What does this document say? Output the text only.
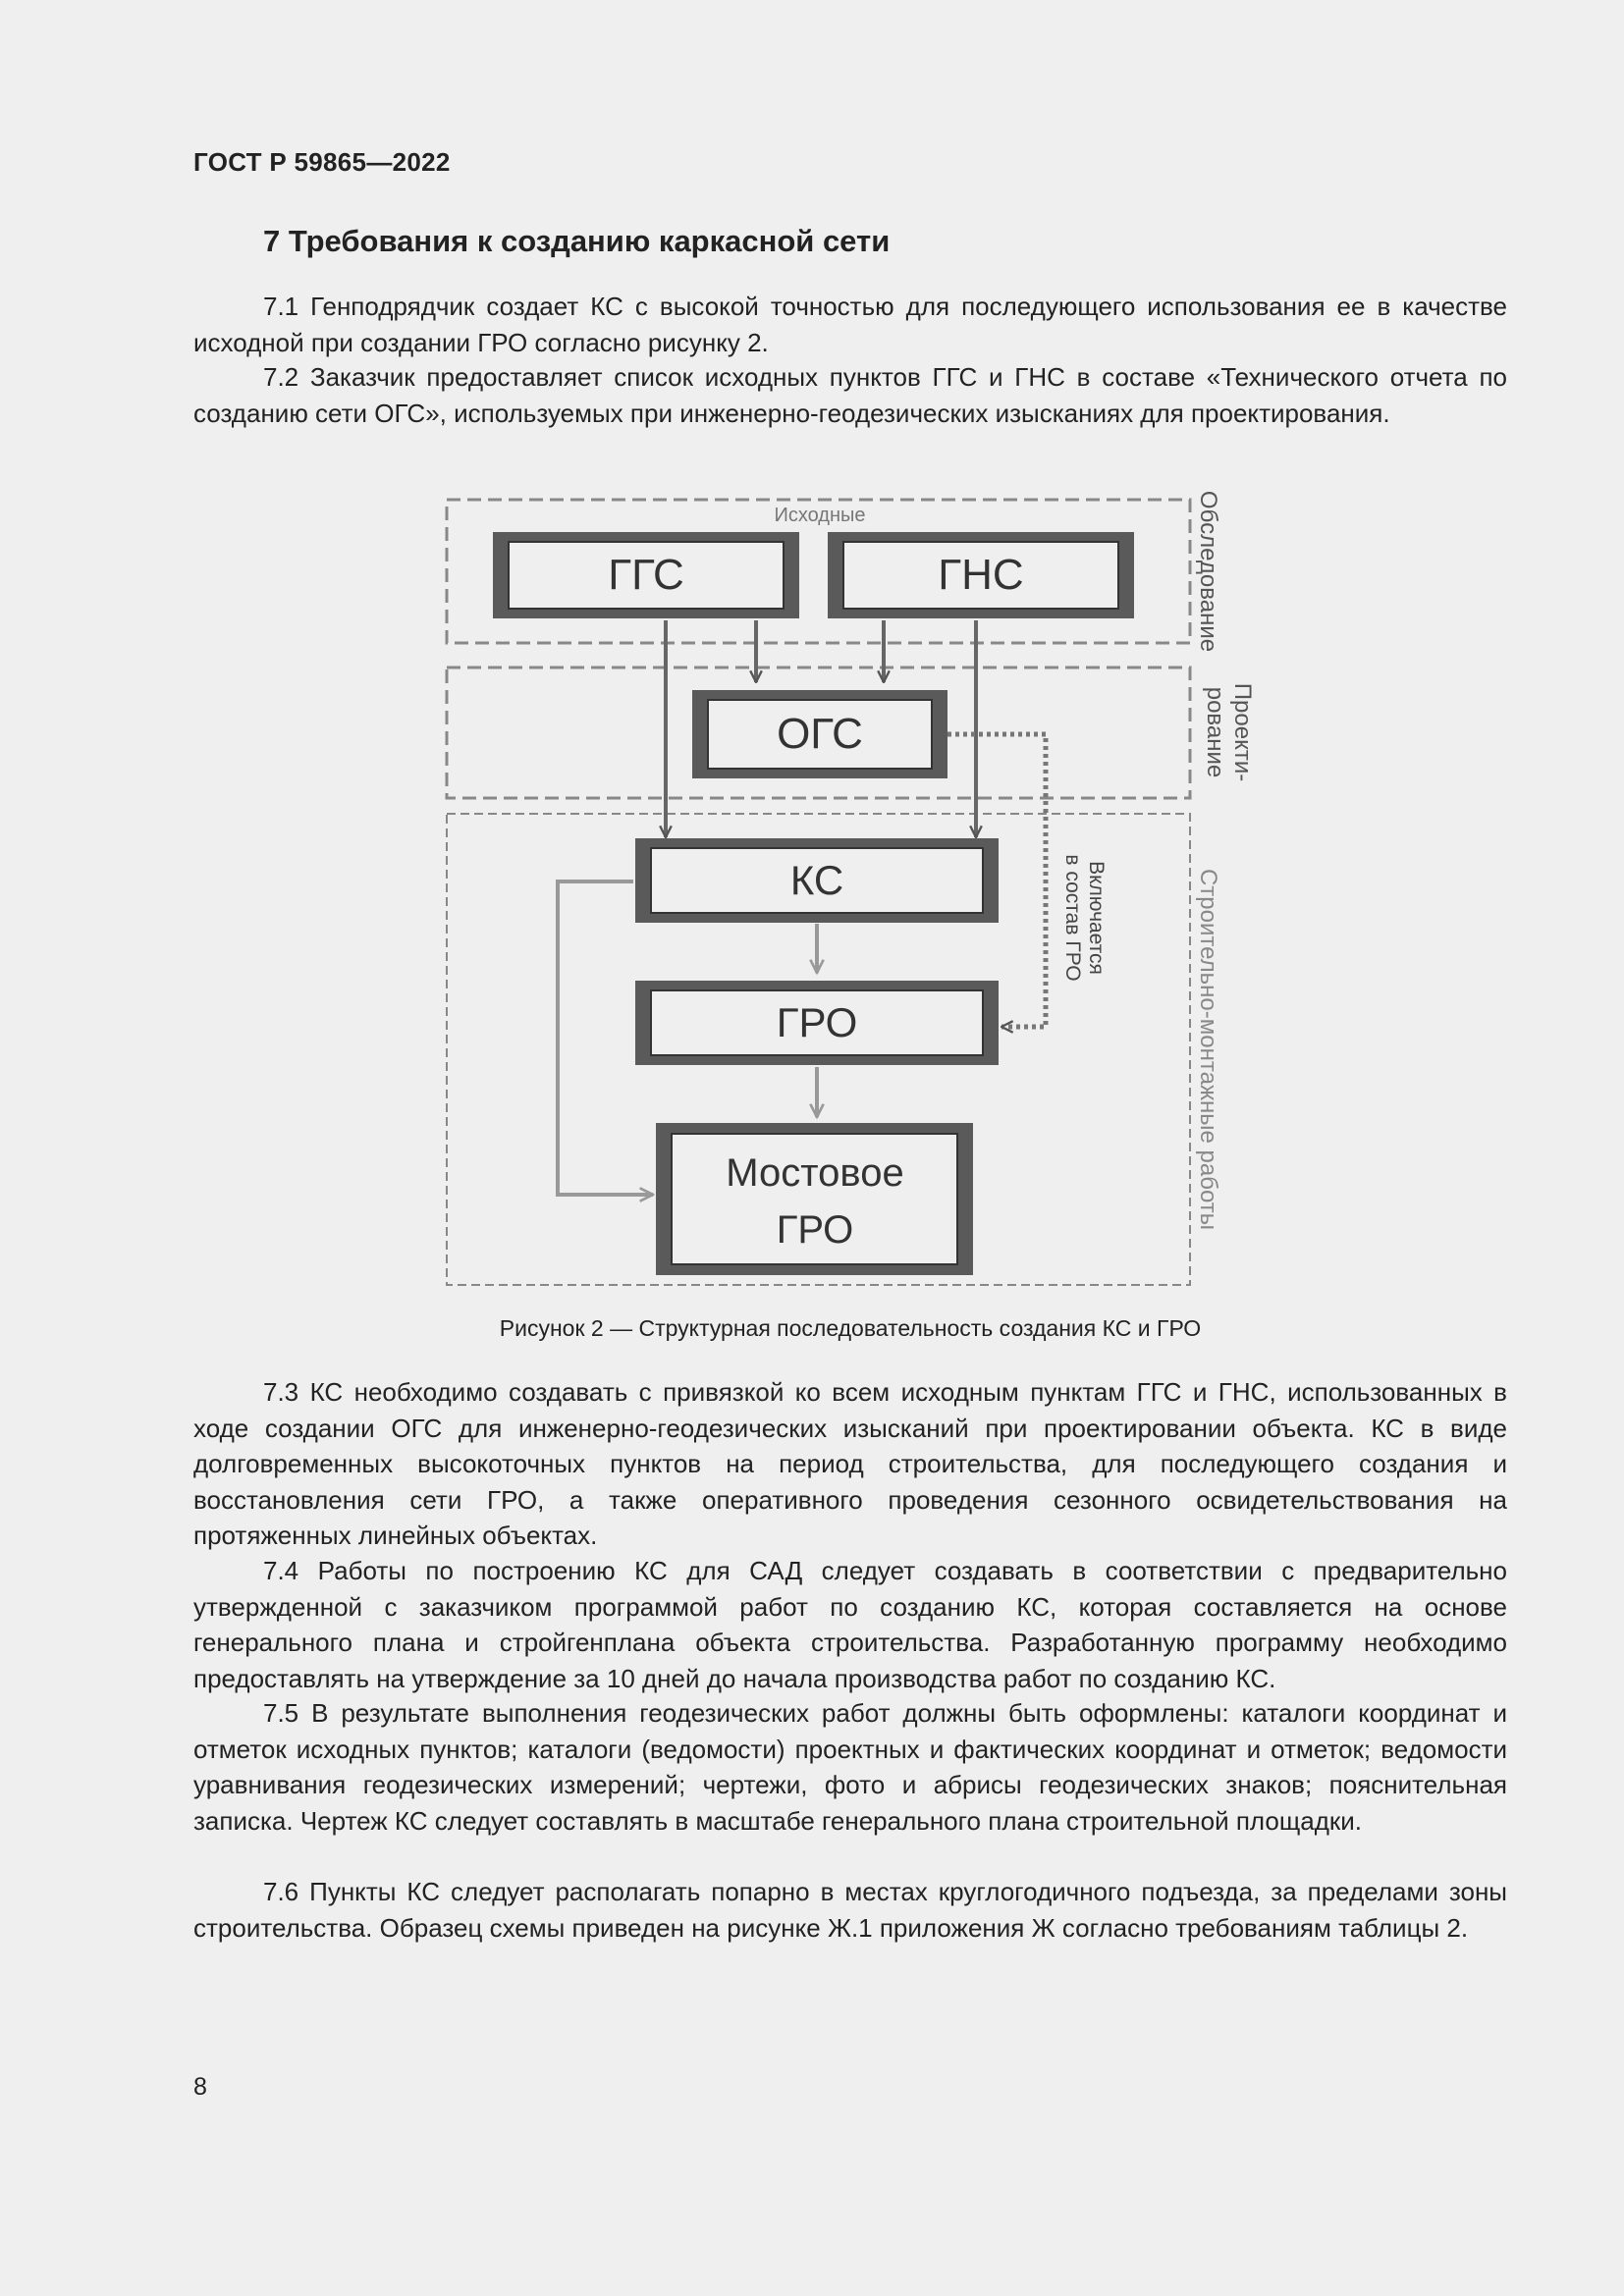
ГОСТ Р 59865—2022
7 Требования к созданию каркасной сети

7.1 Генподрядчик создает КС с высокой точностью для последующего использования ее в качестве исходной при создании ГРО согласно рисунку 2.

7.2 Заказчик предоставляет список исходных пунктов ГГС и ГНС в составе «Технического отчета по созданию сети ОГС», используемых при инженерно-геодезических изысканиях для проектирования.

Исходные	Обследование
Проекти-
рование
Строительно-монтажные работы
Включается
в состав ГРО
ГГС	ГНС
ОГС
КС
ГРО
Мостовое
ГРО
Рисунок 2 — Структурная последовательность создания КС и ГРО

7.3 КС необходимо создавать с привязкой ко всем исходным пунктам ГГС и ГНС, использованных в ходе создании ОГС для инженерно-геодезических изысканий при проектировании объекта. КС в виде долговременных высокоточных пунктов на период строительства, для последующего создания и восстановления сети ГРО, а также оперативного проведения сезонного освидетельствования на протяженных линейных объектах.

7.4 Работы по построению КС для САД следует создавать в соответствии с предварительно утвержденной с заказчиком программой работ по созданию КС, которая составляется на основе генерального плана и стройгенплана объекта строительства. Разработанную программу необходимо предоставлять на утверждение за 10 дней до начала производства работ по созданию КС.

7.5 В результате выполнения геодезических работ должны быть оформлены: каталоги координат и отметок исходных пунктов; каталоги (ведомости) проектных и фактических координат и отметок; ведомости уравнивания геодезических измерений; чертежи, фото и абрисы геодезических знаков; пояснительная записка. Чертеж КС следует составлять в масштабе генерального плана строительной площадки.

7.6 Пункты КС следует располагать попарно в местах круглогодичного подъезда, за пределами зоны строительства. Образец схемы приведен на рисунке Ж.1 приложения Ж согласно требованиям таблицы 2.

8
